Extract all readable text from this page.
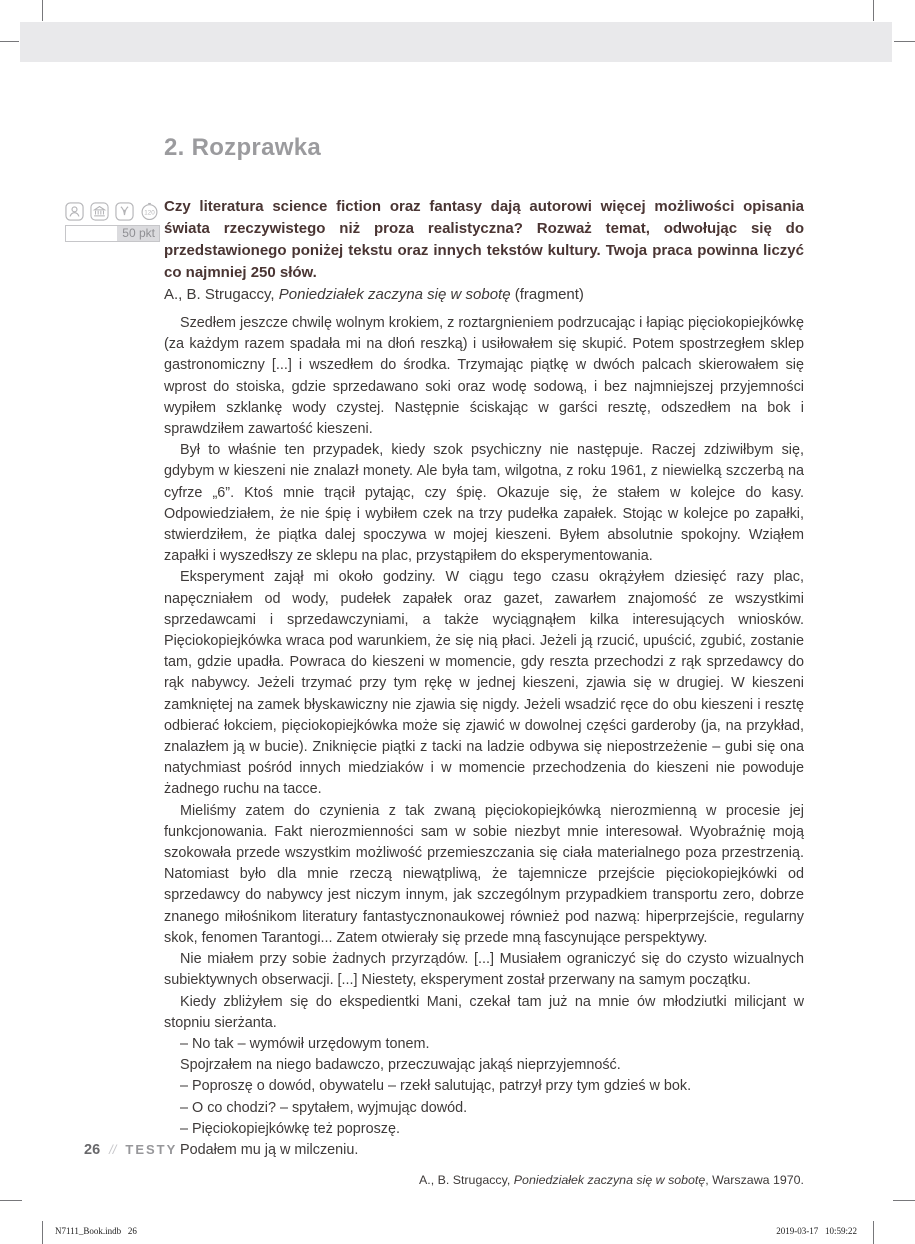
2. Rozprawka
120
50 pkt

Czy literatura science fiction oraz fantasy dają autorowi więcej możliwości opisania świata rzeczywistego niż proza realistyczna? Rozważ temat, odwołując się do przedstawionego poniżej tekstu oraz innych tekstów kultury. Twoja praca powinna liczyć co najmniej 250 słów.

A., B. Strugaccy, Poniedziałek zaczyna się w sobotę (fragment)

Szedłem jeszcze chwilę wolnym krokiem, z roztargnieniem podrzucając i łapiąc pięciokopiejkówkę (za każdym razem spadała mi na dłoń reszką) i usiłowałem się skupić. Potem spostrzegłem sklep gastronomiczny [...] i wszedłem do środka. Trzymając piątkę w dwóch palcach skierowałem się wprost do stoiska, gdzie sprzedawano soki oraz wodę sodową, i bez najmniejszej przyjemności wypiłem szklankę wody czystej. Następnie ściskając w garści resztę, odszedłem na bok i sprawdziłem zawartość kieszeni.

Był to właśnie ten przypadek, kiedy szok psychiczny nie następuje. Raczej zdziwiłbym się, gdybym w kieszeni nie znalazł monety. Ale była tam, wilgotna, z roku 1961, z niewielką szczerbą na cyfrze „6”. Ktoś mnie trącił pytając, czy śpię. Okazuje się, że stałem w kolejce do kasy. Odpowiedziałem, że nie śpię i wybiłem czek na trzy pudełka zapałek. Stojąc w kolejce po zapałki, stwierdziłem, że piątka dalej spoczywa w mojej kieszeni. Byłem absolutnie spokojny. Wziąłem zapałki i wyszedłszy ze sklepu na plac, przystąpiłem do eksperymentowania.

Eksperyment zajął mi około godziny. W ciągu tego czasu okrążyłem dziesięć razy plac, napęczniałem od wody, pudełek zapałek oraz gazet, zawarłem znajomość ze wszystkimi sprzedawcami i sprzedawczyniami, a także wyciągnąłem kilka interesujących wniosków. Pięciokopiejkówka wraca pod warunkiem, że się nią płaci. Jeżeli ją rzucić, upuścić, zgubić, zostanie tam, gdzie upadła. Powraca do kieszeni w momencie, gdy reszta przechodzi z rąk sprzedawcy do rąk nabywcy. Jeżeli trzymać przy tym rękę w jednej kieszeni, zjawia się w drugiej. W kieszeni zamkniętej na zamek błyskawiczny nie zjawia się nigdy. Jeżeli wsadzić ręce do obu kieszeni i resztę odbierać łokciem, pięciokopiejkówka może się zjawić w dowolnej części garderoby (ja, na przykład, znalazłem ją w bucie). Zniknięcie piątki z tacki na ladzie odbywa się niepostrzeżenie – gubi się ona natychmiast pośród innych miedziaków i w momencie przechodzenia do kieszeni nie powoduje żadnego ruchu na tacce.

Mieliśmy zatem do czynienia z tak zwaną pięciokopiejkówką nierozmienną w procesie jej funkcjonowania. Fakt nierozmienności sam w sobie niezbyt mnie interesował. Wyobraźnię moją szokowała przede wszystkim możliwość przemieszczania się ciała materialnego poza przestrzenią. Natomiast było dla mnie rzeczą niewątpliwą, że tajemnicze przejście pięciokopiejkówki od sprzedawcy do nabywcy jest niczym innym, jak szczególnym przypadkiem transportu zero, dobrze znanego miłośnikom literatury fantastycznonaukowej również pod nazwą: hiperprzejście, regularny skok, fenomen Tarantogi... Zatem otwierały się przede mną fascynujące perspektywy.

Nie miałem przy sobie żadnych przyrządów. [...] Musiałem ograniczyć się do czysto wizualnych subiektywnych obserwacji. [...] Niestety, eksperyment został przerwany na samym początku.

Kiedy zbliżyłem się do ekspedientki Mani, czekał tam już na mnie ów młodziutki milicjant w stopniu sierżanta.

– No tak – wymówił urzędowym tonem.

Spojrzałem na niego badawczo, przeczuwając jakąś nieprzyjemność.

– Poproszę o dowód, obywatelu – rzekł salutując, patrzył przy tym gdzieś w bok.

– O co chodzi? – spytałem, wyjmując dowód.

– Pięciokopiejkówkę też poproszę.

Podałem mu ją w milczeniu.

A., B. Strugaccy, Poniedziałek zaczyna się w sobotę, Warszawa 1970.

26 // TESTY
N7111_Book.indb   26	2019-03-17   10:59:22
